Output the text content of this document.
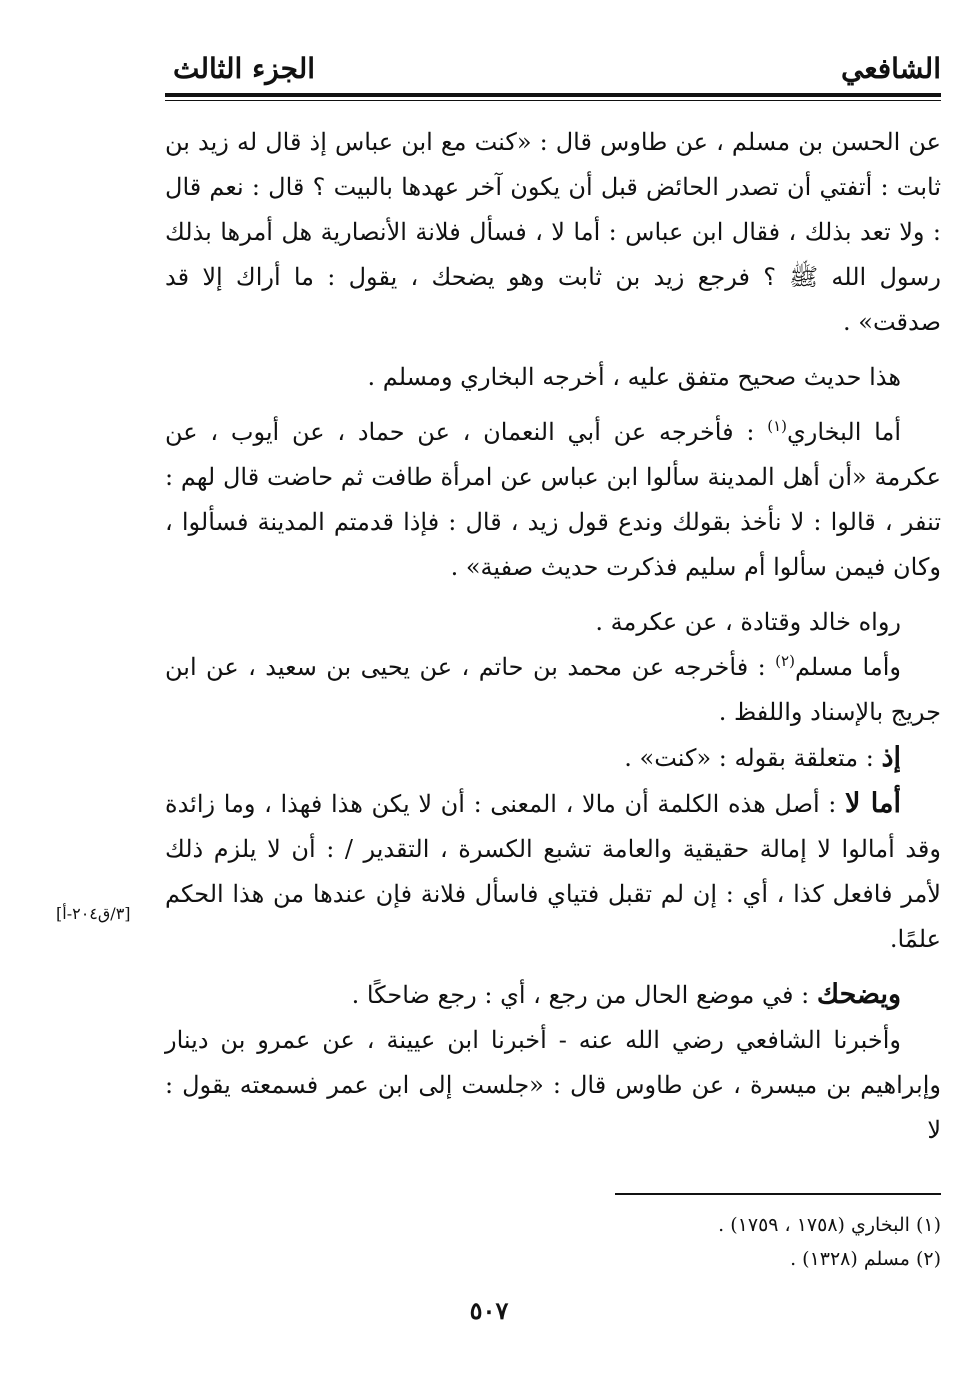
الشافعي
الجزء الثالث

عن الحسن بن مسلم ، عن طاوس قال : «كنت مع ابن عباس إذ قال له زيد بن ثابت : أتفتي أن تصدر الحائض قبل أن يكون آخر عهدها بالبيت ؟ قال : نعم قال : ولا تعد بذلك ، فقال ابن عباس : أما لا ، فسأل فلانة الأنصارية هل أمرها بذلك رسول الله ﷺ ؟ فرجع زيد بن ثابت وهو يضحك ، يقول : ما أراك إلا قد صدقت» .

هذا حديث صحيح متفق عليه ، أخرجه البخاري ومسلم .

أما البخاري$^{(١)}$ : فأخرجه عن أبي النعمان ، عن حماد ، عن أيوب ، عن عكرمة «أن أهل المدينة سألوا ابن عباس عن امرأة طافت ثم حاضت قال لهم : تنفر ، قالوا : لا نأخذ بقولك وندع قول زيد ، قال : فإذا قدمتم المدينة فسألوا ، وكان فيمن سألوا أم سليم فذكرت حديث صفية» .

رواه خالد وقتادة ، عن عكرمة .

وأما مسلم$^{(٢)}$ : فأخرجه عن محمد بن حاتم ، عن يحيى بن سعيد ، عن ابن جريج بالإسناد واللفظ .

إذ : متعلقة بقوله : «كنت» .

أما لا : أصل هذه الكلمة أن مالا ، المعنى : أن لا يكن هذا فهذا ، وما زائدة وقد أمالوا لا إمالة حقيقية والعامة تشبع الكسرة ، التقدير / : أن لا يلزم ذلك لأمر فافعل كذا ، أي : إن لم تقبل فتياي فاسأل فلانة فإن عندها من هذا الحكم علمًا.

ويضحك : في موضع الحال من رجع ، أي : رجع ضاحكًا .

وأخبرنا الشافعي رضي الله عنه - أخبرنا ابن عيينة ، عن عمرو بن دينار وإبراهيم بن ميسرة ، عن طاوس قال : «جلست إلى ابن عمر فسمعته يقول : لا

[٣/ق٢٠٤-أ]

(١) البخاري (١٧٥٨ ، ١٧٥٩) .

(٢) مسلم (١٣٢٨) .

٥٠٧
